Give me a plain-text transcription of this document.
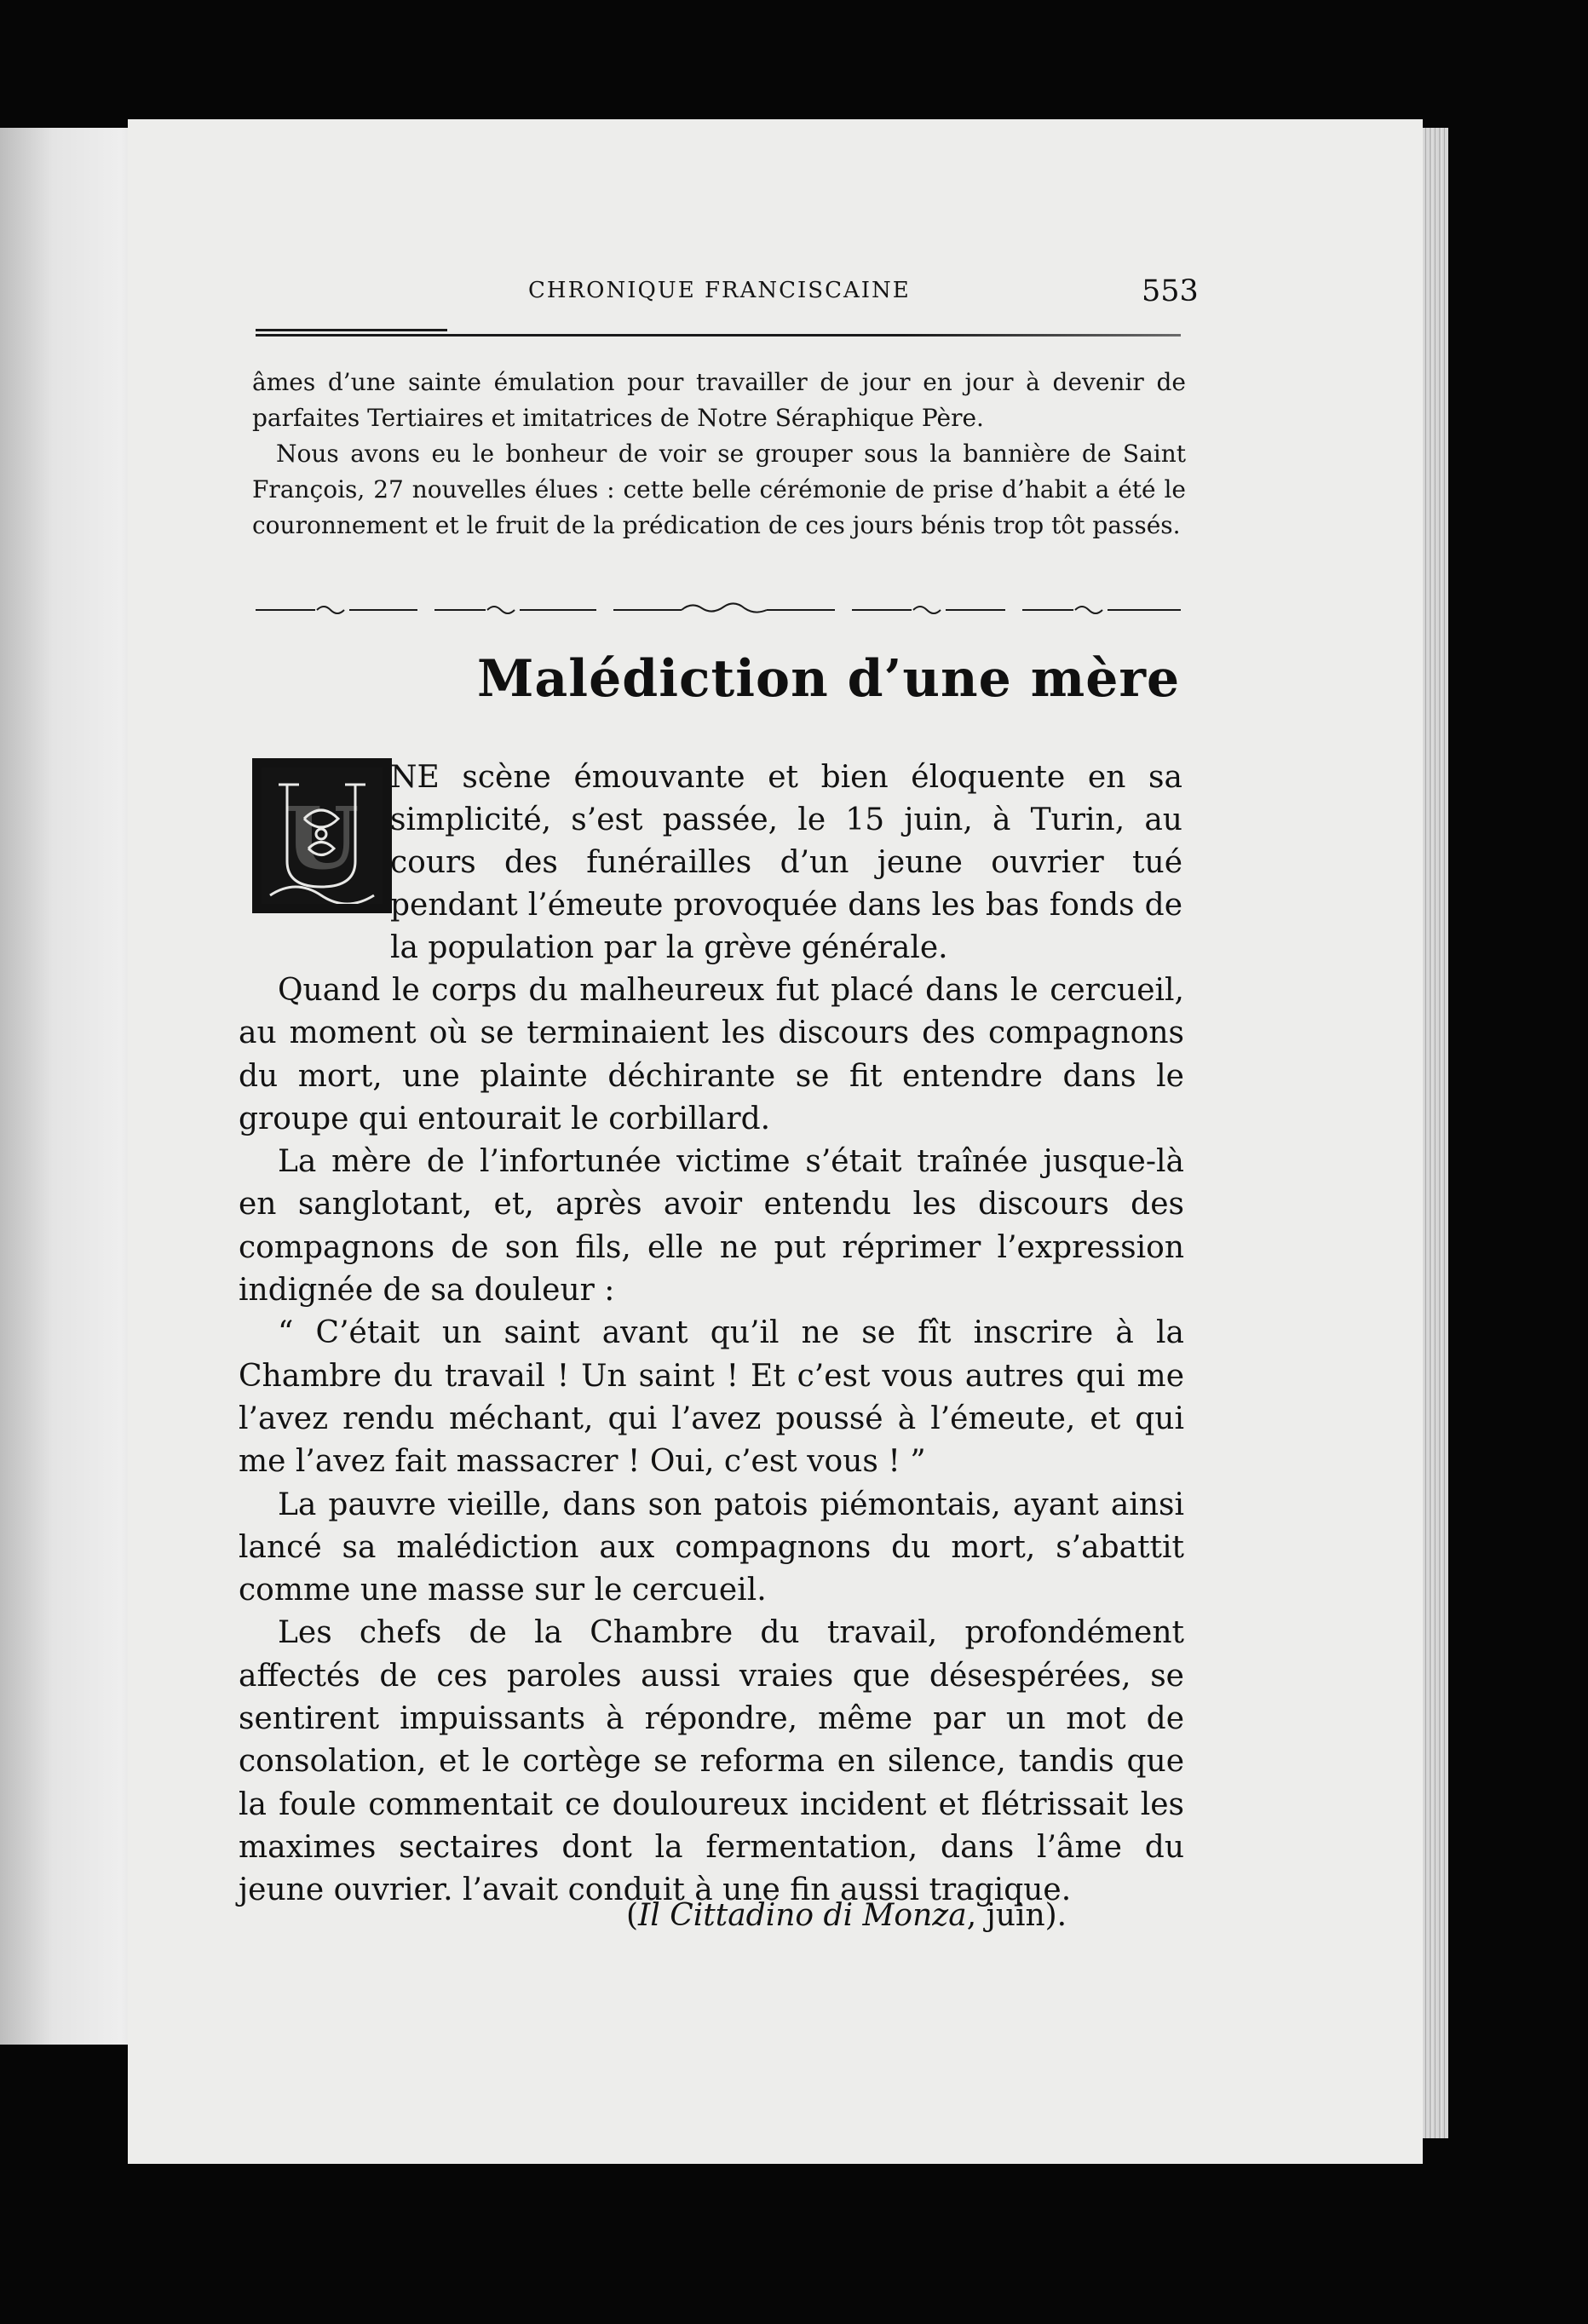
CHRONIQUE FRANCISCAINE	553

âmes d’une sainte émulation pour travailler de jour en jour à devenir de parfaites Tertiaires et imitatrices de Notre Séraphique Père.

Nous avons eu le bonheur de voir se grouper sous la bannière de Saint François, 27 nouvelles élues : cette belle cérémonie de prise d’habit a été le couronnement et le fruit de la prédication de ces jours bénis trop tôt passés.

Malédiction d’une mère
U
NE scène émouvante et bien éloquente en sa simplicité, s’est passée, le 15 juin, à Turin, au cours des funérailles d’un jeune ouvrier tué pendant l’émeute provoquée dans les bas fonds de la population par la grève générale.

Quand le corps du malheureux fut placé dans le cercueil, au moment où se terminaient les discours des compagnons du mort, une plainte déchirante se fit entendre dans le groupe qui entourait le corbillard.

La mère de l’infortunée victime s’était traînée jusque-là en sanglotant, et, après avoir entendu les discours des compagnons de son fils, elle ne put réprimer l’expression indignée de sa douleur :

“ C’était un saint avant qu’il ne se fît inscrire à la Chambre du travail ! Un saint ! Et c’est vous autres qui me l’avez rendu méchant, qui l’avez poussé à l’émeute, et qui me l’avez fait massacrer ! Oui, c’est vous ! ”

La pauvre vieille, dans son patois piémontais, ayant ainsi lancé sa malédiction aux compagnons du mort, s’abattit comme une masse sur le cercueil.

Les chefs de la Chambre du travail, profondément affectés de ces paroles aussi vraies que désespérées, se sentirent impuissants à répondre, même par un mot de consolation, et le cortège se reforma en silence, tandis que la foule commentait ce douloureux incident et flétrissait les maximes sectaires dont la fermentation, dans l’âme du jeune ouvrier. l’avait conduit à une fin aussi tragique.

(Il Cittadino di Monza, juin).
